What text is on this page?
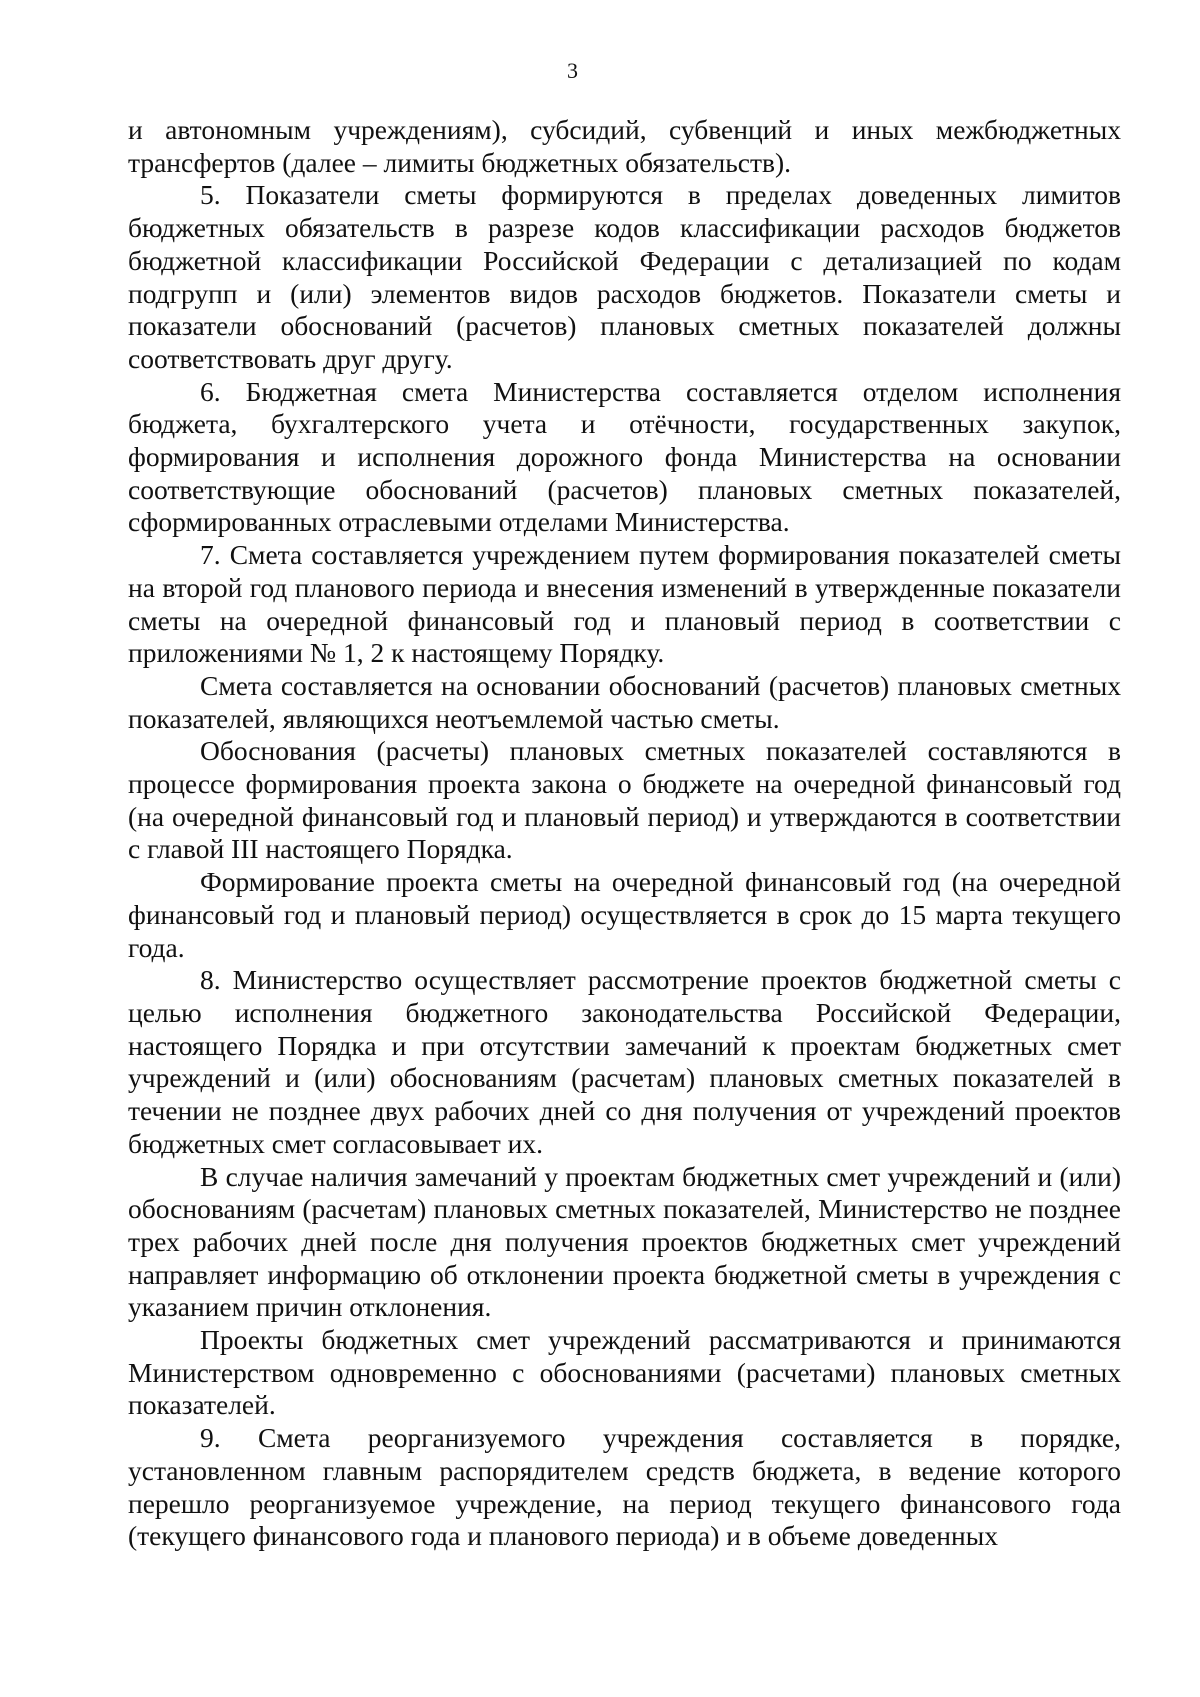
3

и автономным учреждениям), субсидий, субвенций и иных межбюджетных трансфертов (далее – лимиты бюджетных обязательств).

5. Показатели сметы формируются в пределах доведенных лимитов бюджетных обязательств в разрезе кодов классификации расходов бюджетов бюджетной классификации Российской Федерации с детализацией по кодам подгрупп и (или) элементов видов расходов бюджетов. Показатели сметы и показатели обоснований (расчетов) плановых сметных показателей должны соответствовать друг другу.

6. Бюджетная смета Министерства составляется отделом исполнения бюджета, бухгалтерского учета и отёчности, государственных закупок, формирования и исполнения дорожного фонда Министерства на основании соответствующие обоснований (расчетов) плановых сметных показателей, сформированных отраслевыми отделами Министерства.

7. Смета составляется учреждением путем формирования показателей сметы на второй год планового периода и внесения изменений в утвержденные показатели сметы на очередной финансовый год и плановый период в соответствии с приложениями № 1, 2 к настоящему Порядку.

Смета составляется на основании обоснований (расчетов) плановых сметных показателей, являющихся неотъемлемой частью сметы.

Обоснования (расчеты) плановых сметных показателей составляются в процессе формирования проекта закона о бюджете на очередной финансовый год (на очередной финансовый год и плановый период) и утверждаются в соответствии с главой III настоящего Порядка.

Формирование проекта сметы на очередной финансовый год (на очередной финансовый год и плановый период) осуществляется в срок до 15 марта текущего года.

8. Министерство осуществляет рассмотрение проектов бюджетной сметы с целью исполнения бюджетного законодательства Российской Федерации, настоящего Порядка и при отсутствии замечаний к проектам бюджетных смет учреждений и (или) обоснованиям (расчетам) плановых сметных показателей в течении не позднее двух рабочих дней со дня получения от учреждений проектов бюджетных смет согласовывает их.

В случае наличия замечаний у проектам бюджетных смет учреждений и (или) обоснованиям (расчетам) плановых сметных показателей, Министерство не позднее трех рабочих дней после дня получения проектов бюджетных смет учреждений направляет информацию об отклонении проекта бюджетной сметы в учреждения с указанием причин отклонения.

Проекты бюджетных смет учреждений рассматриваются и принимаются Министерством одновременно с обоснованиями (расчетами) плановых сметных показателей.

9. Смета реорганизуемого учреждения составляется в порядке, установленном главным распорядителем средств бюджета, в ведение которого перешло реорганизуемое учреждение, на период текущего финансового года (текущего финансового года и планового периода) и в объеме доведенных
